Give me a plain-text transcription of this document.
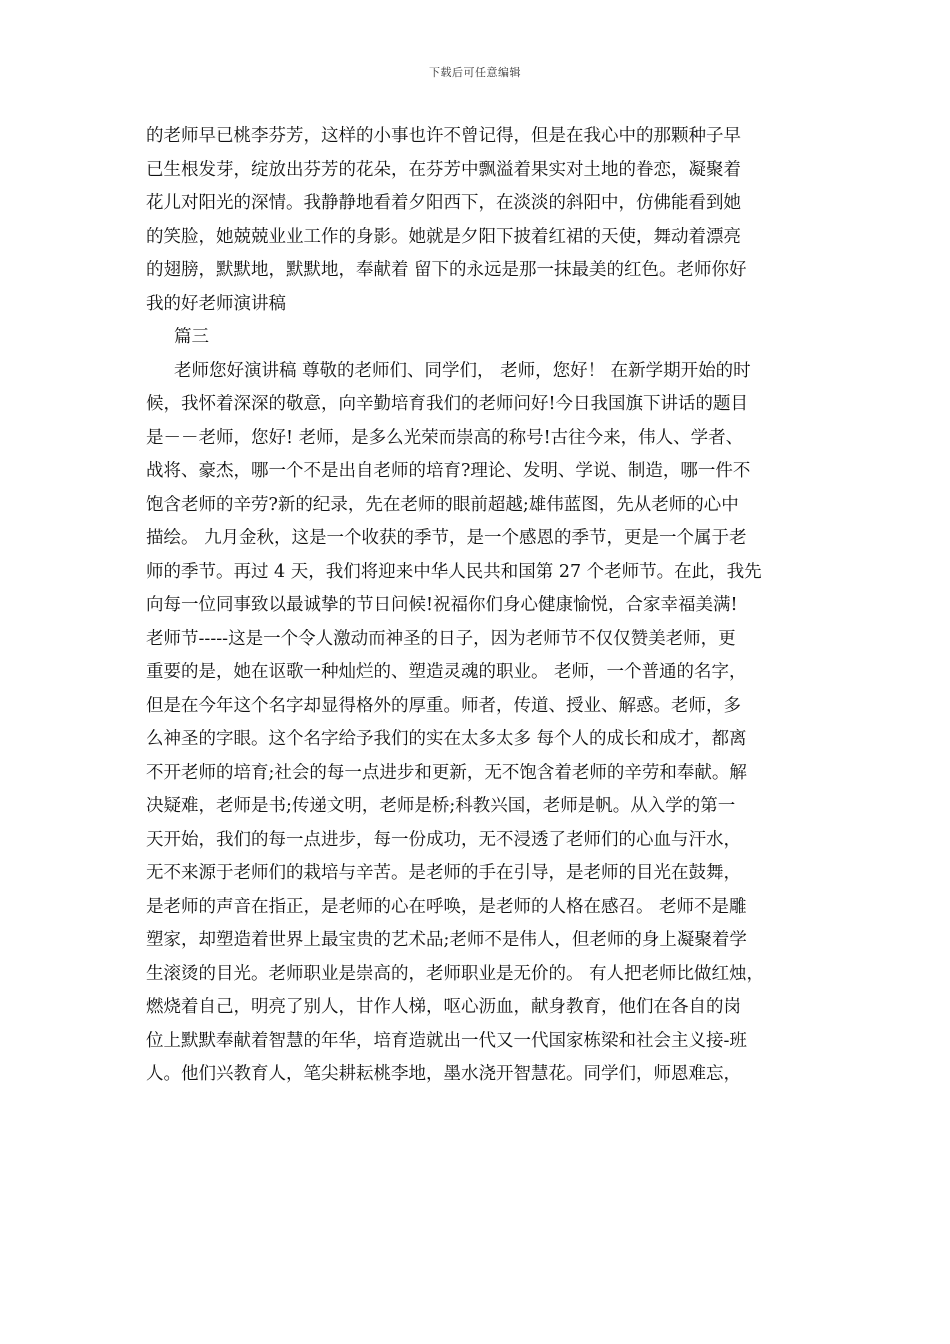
下载后可任意编辑
的老师早已桃李芬芳，这样的小事也许不曾记得，但是在我心中的那颗种子早
已生根发芽，绽放出芬芳的花朵，在芬芳中飘溢着果实对土地的眷恋，凝聚着
花儿对阳光的深情。我静静地看着夕阳西下，在淡淡的斜阳中，仿佛能看到她
的笑脸，她兢兢业业工作的身影。她就是夕阳下披着红裙的天使，舞动着漂亮
的翅膀，默默地，默默地，奉献着 留下的永远是那一抹最美的红色。老师你好
我的好老师演讲稿
篇三
老师您好演讲稿 尊敬的老师们、同学们， 老师，您好！ 在新学期开始的时
候，我怀着深深的敬意，向辛勤培育我们的老师问好!今日我国旗下讲话的题目
是－－老师，您好! 老师，是多么光荣而崇高的称号!古往今来，伟人、学者、
战将、豪杰，哪一个不是出自老师的培育?理论、发明、学说、制造，哪一件不
饱含老师的辛劳?新的纪录，先在老师的眼前超越;雄伟蓝图，先从老师的心中
描绘。 九月金秋，这是一个收获的季节，是一个感恩的季节，更是一个属于老
师的季节。再过 4 天，我们将迎来中华人民共和国第 27 个老师节。在此，我先
向每一位同事致以最诚挚的节日问候!祝福你们身心健康愉悦，合家幸福美满!
老师节-----这是一个令人激动而神圣的日子，因为老师节不仅仅赞美老师，更
重要的是，她在讴歌一种灿烂的、塑造灵魂的职业。 老师，一个普通的名字，
但是在今年这个名字却显得格外的厚重。师者，传道、授业、解惑。老师，多
么神圣的字眼。这个名字给予我们的实在太多太多 每个人的成长和成才，都离
不开老师的培育;社会的每一点进步和更新，无不饱含着老师的辛劳和奉献。解
决疑难，老师是书;传递文明，老师是桥;科教兴国，老师是帆。从入学的第一
天开始，我们的每一点进步，每一份成功，无不浸透了老师们的心血与汗水，
无不来源于老师们的栽培与辛苦。是老师的手在引导，是老师的目光在鼓舞，
是老师的声音在指正，是老师的心在呼唤，是老师的人格在感召。 老师不是雕
塑家，却塑造着世界上最宝贵的艺术品;老师不是伟人，但老师的身上凝聚着学
生滚烫的目光。老师职业是崇高的，老师职业是无价的。 有人把老师比做红烛，
燃烧着自己，明亮了别人，甘作人梯，呕心沥血，献身教育，他们在各自的岗
位上默默奉献着智慧的年华，培育造就出一代又一代国家栋梁和社会主义接-班
人。他们兴教育人，笔尖耕耘桃李地，墨水浇开智慧花。同学们，师恩难忘，
